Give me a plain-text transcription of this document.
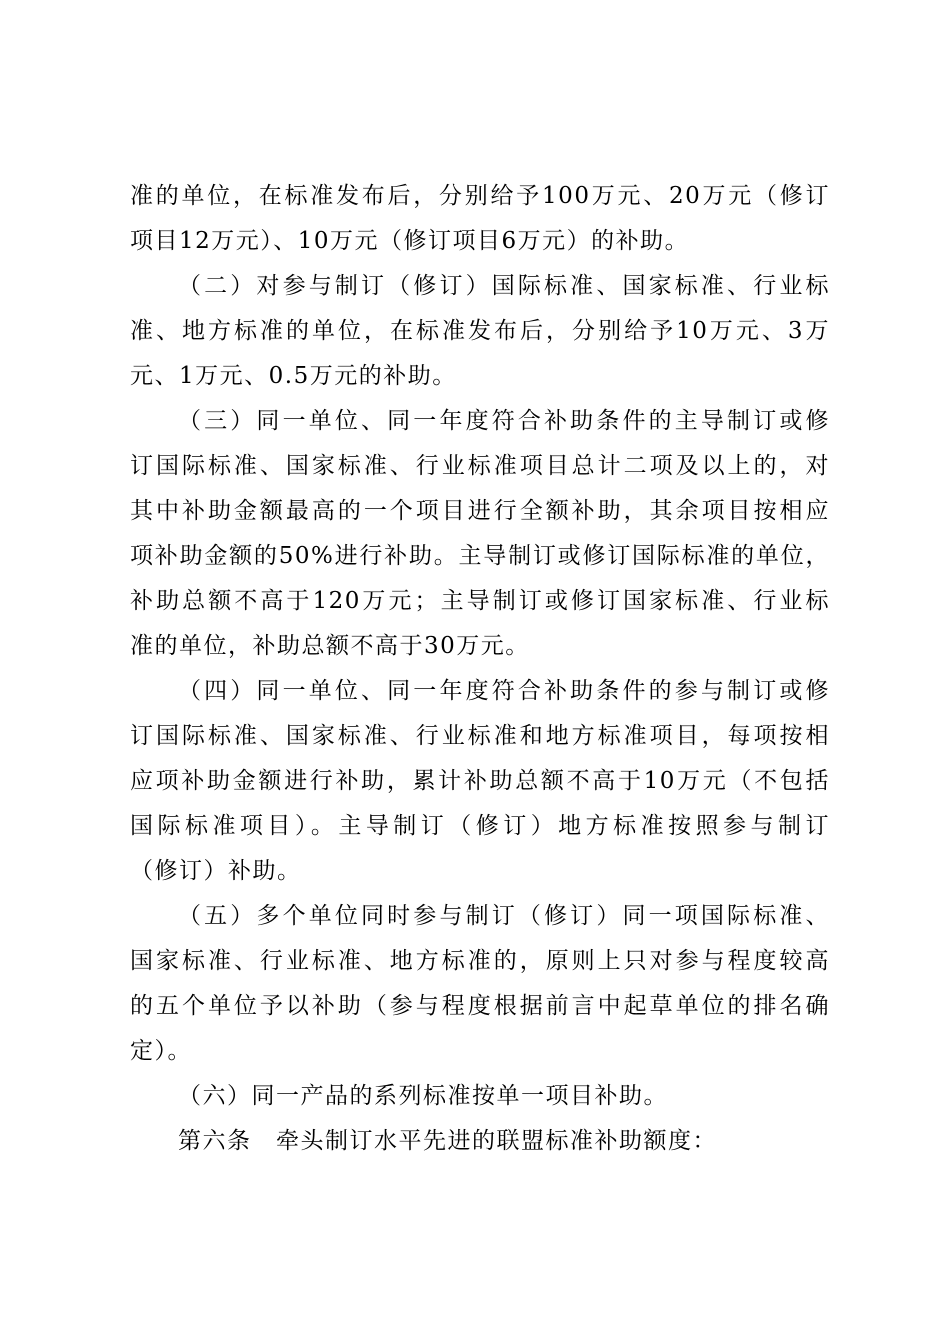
准的单位，在标准发布后，分别给予100万元、20万元（修订
项目12万元）、10万元（修订项目6万元）的补助。
（二）对参与制订（修订）国际标准、国家标准、行业标
准、地方标准的单位，在标准发布后，分别给予10万元、3万
元、1万元、0.5万元的补助。
（三）同一单位、同一年度符合补助条件的主导制订或修
订国际标准、国家标准、行业标准项目总计二项及以上的，对
其中补助金额最高的一个项目进行全额补助，其余项目按相应
项补助金额的50%进行补助。主导制订或修订国际标准的单位，
补助总额不高于120万元；主导制订或修订国家标准、行业标
准的单位，补助总额不高于30万元。
（四）同一单位、同一年度符合补助条件的参与制订或修
订国际标准、国家标准、行业标准和地方标准项目，每项按相
应项补助金额进行补助，累计补助总额不高于10万元（不包括
国际标准项目）。主导制订（修订）地方标准按照参与制订
（修订）补助。
（五）多个单位同时参与制订（修订）同一项国际标准、
国家标准、行业标准、地方标准的，原则上只对参与程度较高
的五个单位予以补助（参与程度根据前言中起草单位的排名确
定）。
（六）同一产品的系列标准按单一项目补助。
第六条　牵头制订水平先进的联盟标准补助额度：
